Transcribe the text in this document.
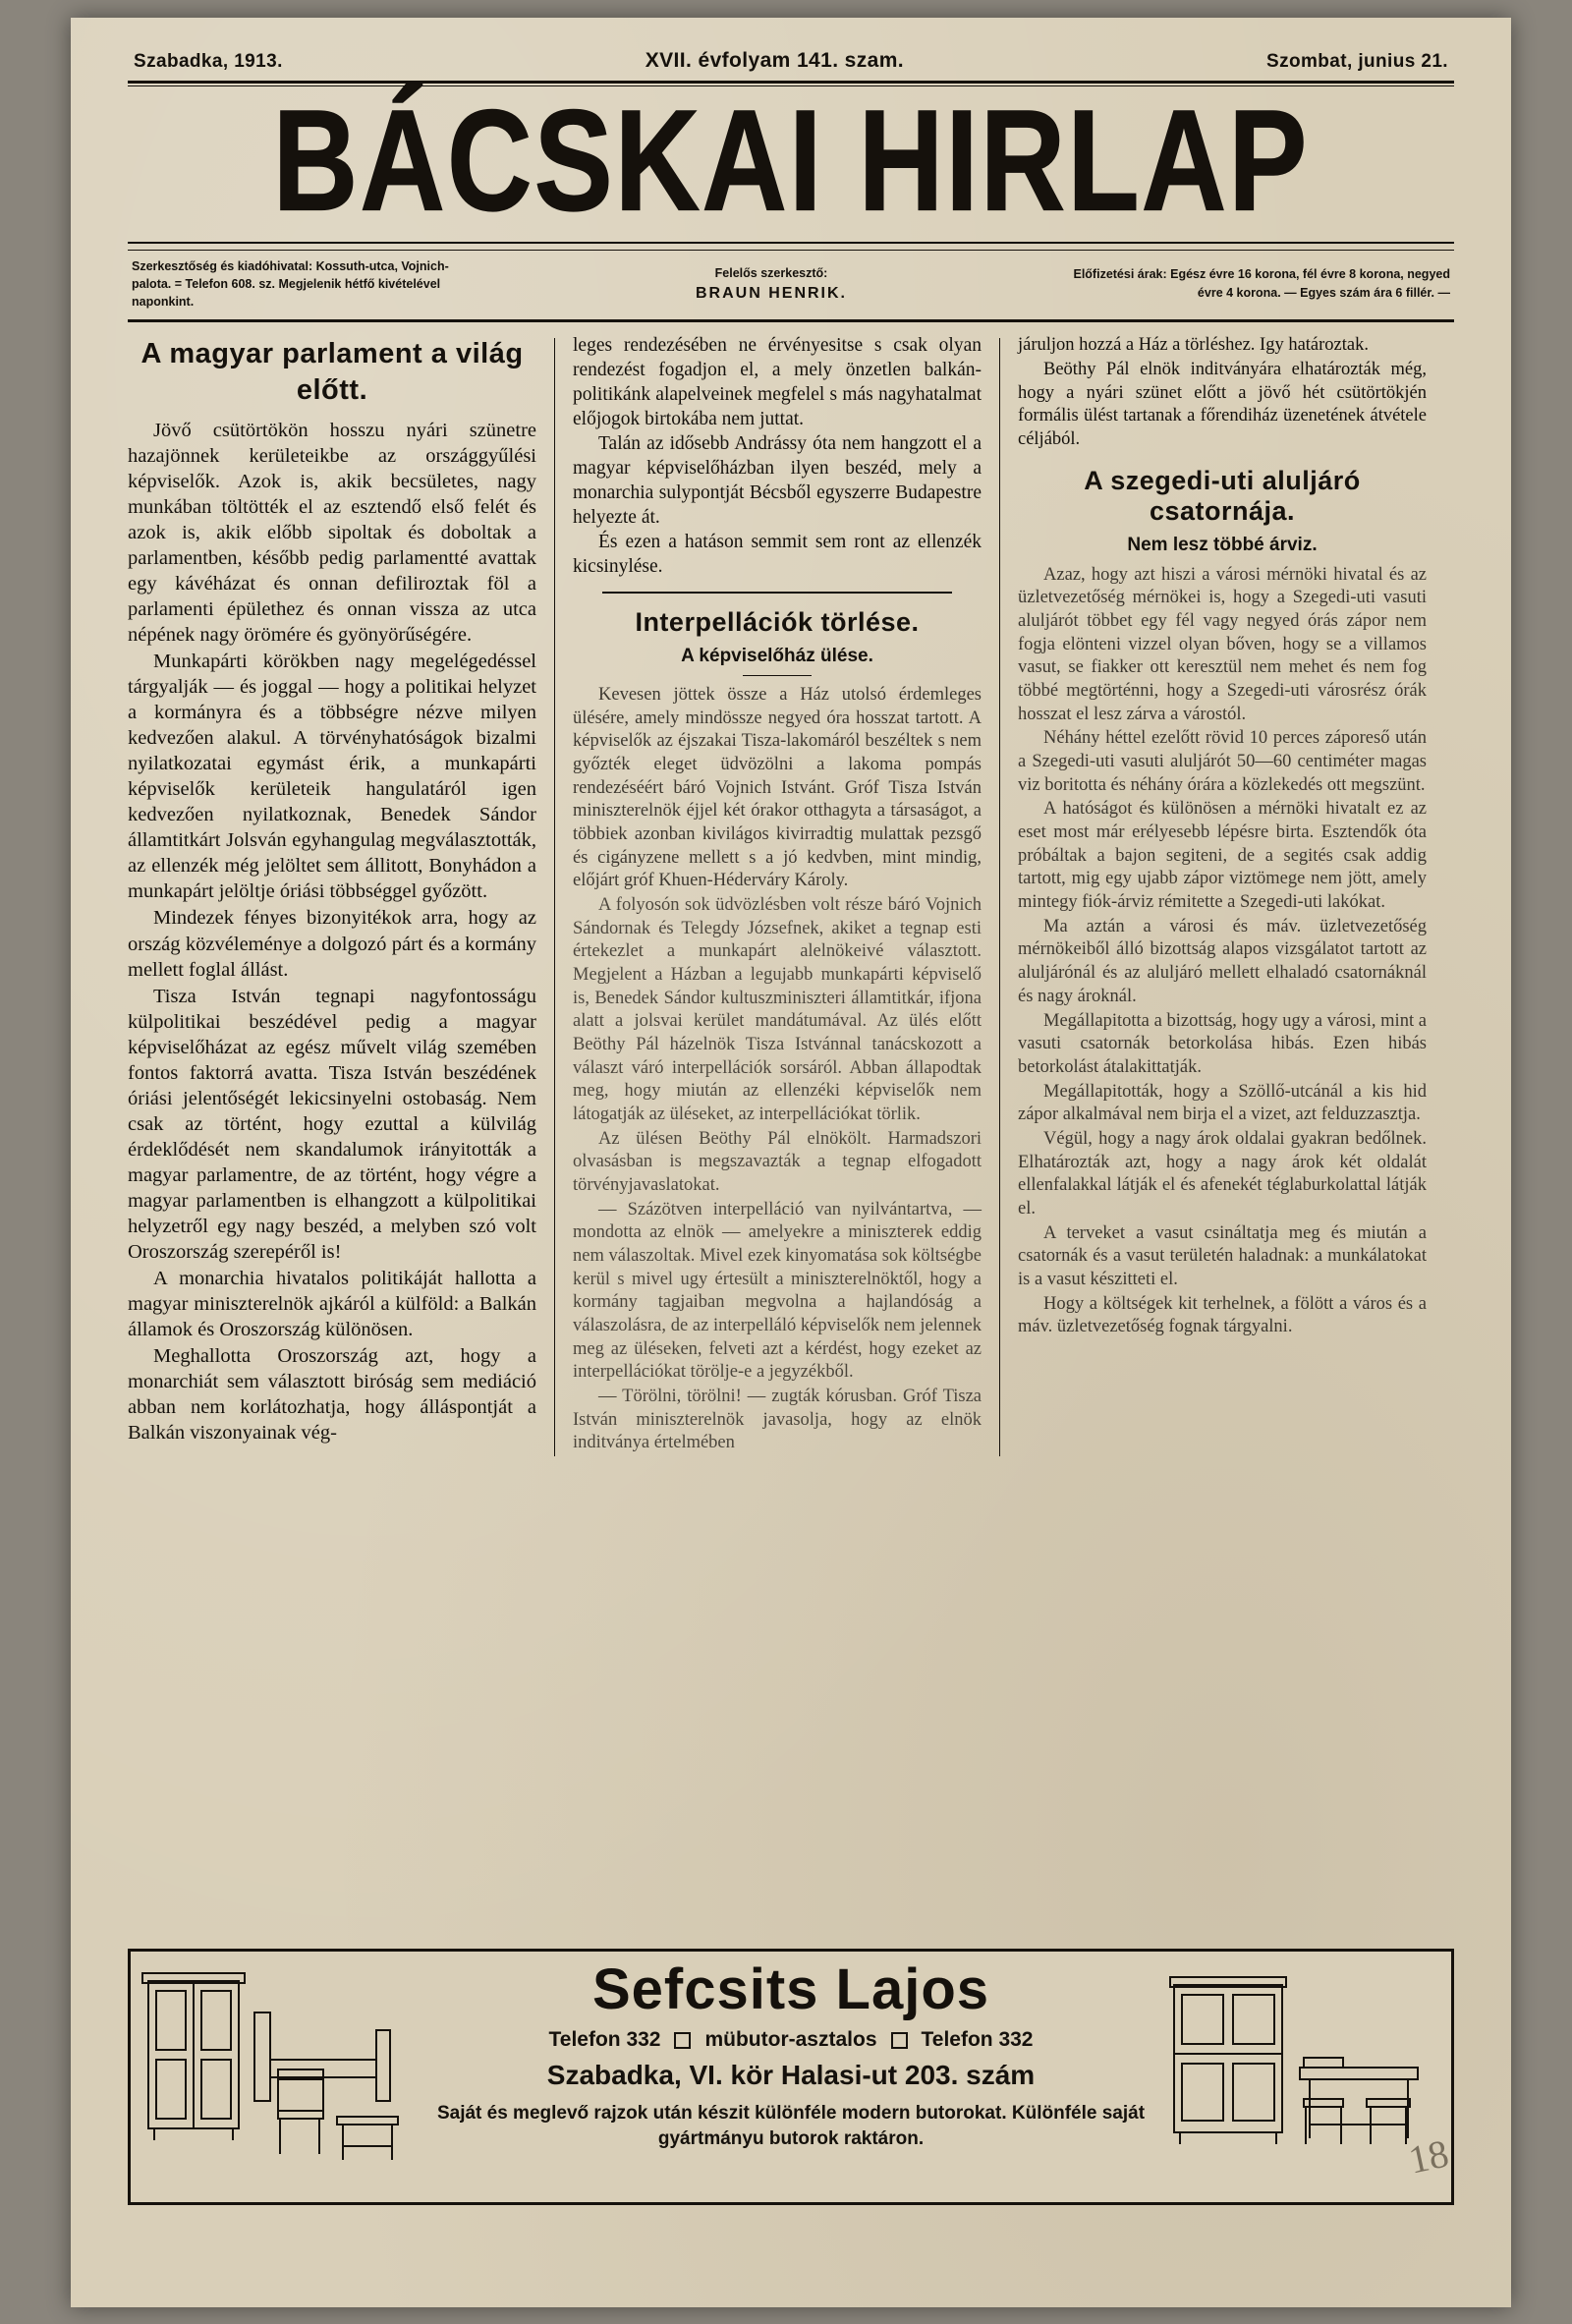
Szabadka, 1913.	XVII. évfolyam 141. szam.	Szombat, junius 21.
BÁCSKAI HIRLAP
Szerkesztőség és kiadóhivatal: Kossuth-utca, Vojnich-palota. = Telefon 608. sz. Megjelenik hétfő kivételével naponkint.
Felelős szerkesztő:
BRAUN HENRIK.
Előfizetési árak: Egész évre 16 korona, fél évre 8 korona, negyed évre 4 korona. — Egyes szám ára 6 fillér. —
A magyar parlament a világ előtt.

Jövő csütörtökön hosszu nyári szünetre hazajönnek kerületeikbe az országgyűlési képviselők. Azok is, akik becsületes, nagy munkában töltötték el az esztendő első felét és azok is, akik előbb sipoltak és doboltak a parlamentben, később pedig parlamentté avattak egy kávéházat és onnan defiliroztak föl a parlamenti épülethez és onnan vissza az utca népének nagy örömére és gyönyörűségére.

Munkapárti körökben nagy megelégedéssel tárgyalják — és joggal — hogy a politikai helyzet a kormányra és a többségre nézve milyen kedvezően alakul. A törvényhatóságok bizalmi nyilatkozatai egymást érik, a munkapárti képviselők kerületeik hangulatáról igen kedvezően nyilatkoznak, Benedek Sándor államtitkárt Jolsván egyhangulag megválasztották, az ellenzék még jelöltet sem állitott, Bonyhádon a munkapárt jelöltje óriási többséggel győzött.

Mindezek fényes bizonyitékok arra, hogy az ország közvéleménye a dolgozó párt és a kormány mellett foglal állást.

Tisza István tegnapi nagyfontosságu külpolitikai beszédével pedig a magyar képviselőházat az egész művelt világ szemében fontos faktorrá avatta. Tisza István beszédének óriási jelentőségét lekicsinyelni ostobaság. Nem csak az történt, hogy ezuttal a külvilág érdeklődését nem skandalumok irányitották a magyar parlamentre, de az történt, hogy végre a magyar parlamentben is elhangzott a külpolitikai helyzetről egy nagy beszéd, a melyben szó volt Oroszország szerepéről is!

A monarchia hivatalos politikáját hallotta a magyar miniszterelnök ajkáról a külföld: a Balkán államok és Oroszország különösen.

Meghallotta Oroszország azt, hogy a monarchiát sem választott biróság sem mediáció abban nem korlátozhatja, hogy álláspontját a Balkán viszonyainak vég-

leges rendezésében ne érvényesitse s csak olyan rendezést fogadjon el, a mely önzetlen balkán-politikánk alapelveinek megfelel s más nagyhatalmat előjogok birtokába nem juttat.

Talán az idősebb Andrássy óta nem hangzott el a magyar képviselőházban ilyen beszéd, mely a monarchia sulypontját Bécsből egyszerre Budapestre helyezte át.

És ezen a hatáson semmit sem ront az ellenzék kicsinylése.

Interpellációk törlése.
A képviselőház ülése.

Kevesen jöttek össze a Ház utolsó érdemleges ülésére, amely mindössze negyed óra hosszat tartott. A képviselők az éjszakai Tisza-lakomáról beszéltek s nem győzték eleget üdvözölni a lakoma pompás rendezéséért báró Vojnich Istvánt. Gróf Tisza István miniszterelnök éjjel két órakor otthagyta a társaságot, a többiek azonban kivilágos kivirradtig mulattak pezsgő és cigányzene mellett s a jó kedvben, mint mindig, előjárt gróf Khuen-Héderváry Károly.

A folyosón sok üdvözlésben volt része báró Vojnich Sándornak és Telegdy Józsefnek, akiket a tegnap esti értekezlet a munkapárt alelnökeivé választott. Megjelent a Házban a legujabb munkapárti képviselő is, Benedek Sándor kultuszminiszteri államtitkár, ifjona alatt a jolsvai kerület mandátumával. Az ülés előtt Beöthy Pál házelnök Tisza Istvánnal tanácskozott a választ váró interpellációk sorsáról. Abban állapodtak meg, hogy miután az ellenzéki képviselők nem látogatják az üléseket, az interpellációkat törlik.

Az ülésen Beöthy Pál elnökölt. Harmadszori olvasásban is megszavazták a tegnap elfogadott törvényjavaslatokat.

— Százötven interpelláció van nyilvántartva, — mondotta az elnök — amelyekre a miniszterek eddig nem válaszoltak. Mivel ezek kinyomatása sok költségbe kerül s mivel ugy értesült a miniszterelnöktől, hogy a kormány tagjaiban megvolna a hajlandóság a válaszolásra, de az interpelláló képviselők nem jelennek meg az üléseken, felveti azt a kérdést, hogy ezeket az interpellációkat törölje-e a jegyzékből.

— Törölni, törölni! — zugták kórusban. Gróf Tisza István miniszterelnök javasolja, hogy az elnök inditványa értelmében

járuljon hozzá a Ház a törléshez. Igy határoztak.

Beöthy Pál elnök inditványára elhatározták még, hogy a nyári szünet előtt a jövő hét csütörtökjén formális ülést tartanak a főrendiház üzenetének átvétele céljából.

A szegedi-uti aluljáró csatornája.
Nem lesz többé árviz.

Azaz, hogy azt hiszi a városi mérnöki hivatal és az üzletvezetőség mérnökei is, hogy a Szegedi-uti vasuti aluljárót többet egy fél vagy negyed órás zápor nem fogja elönteni vizzel olyan bőven, hogy se a villamos vasut, se fiakker ott keresztül nem mehet és nem fog többé megtörténni, hogy a Szegedi-uti városrész órák hosszat el lesz zárva a várostól.

Néhány héttel ezelőtt rövid 10 perces záporeső után a Szegedi-uti vasuti aluljárót 50—60 centiméter magas viz boritotta és néhány órára a közlekedés ott megszünt.

A hatóságot és különösen a mérnöki hivatalt ez az eset most már erélyesebb lépésre birta. Esztendők óta próbáltak a bajon segiteni, de a segités csak addig tartott, mig egy ujabb zápor viztömege nem jött, amely mintegy fiók-árviz rémitette a Szegedi-uti lakókat.

Ma aztán a városi és máv. üzletvezetőség mérnökeiből álló bizottság alapos vizsgálatot tartott az aluljárónál és az aluljáró mellett elhaladó csatornáknál és nagy ároknál.

Megállapitotta a bizottság, hogy ugy a városi, mint a vasuti csatornák betorkolása hibás. Ezen hibás betorkolást átalakittatják.

Megállapitották, hogy a Szöllő-utcánál a kis hid zápor alkalmával nem birja el a vizet, azt felduzzasztja.

Végül, hogy a nagy árok oldalai gyakran bedőlnek. Elhatározták azt, hogy a nagy árok két oldalát ellenfalakkal látják el és afenekét téglaburkolattal látják el.

A terveket a vasut csináltatja meg és miután a csatornák és a vasut területén haladnak: a munkálatokat is a vasut készitteti el.

Hogy a költségek kit terhelnek, a fölött a város és a máv. üzletvezetőség fognak tárgyalni.

Sefcsits Lajos
Telefon 332 mübutor-asztalos Telefon 332
Szabadka, VI. kör Halasi-ut 203. szám
Saját és meglevő rajzok után készit különféle modern butorokat. Különféle saját gyártmányu butorok raktáron.	18
